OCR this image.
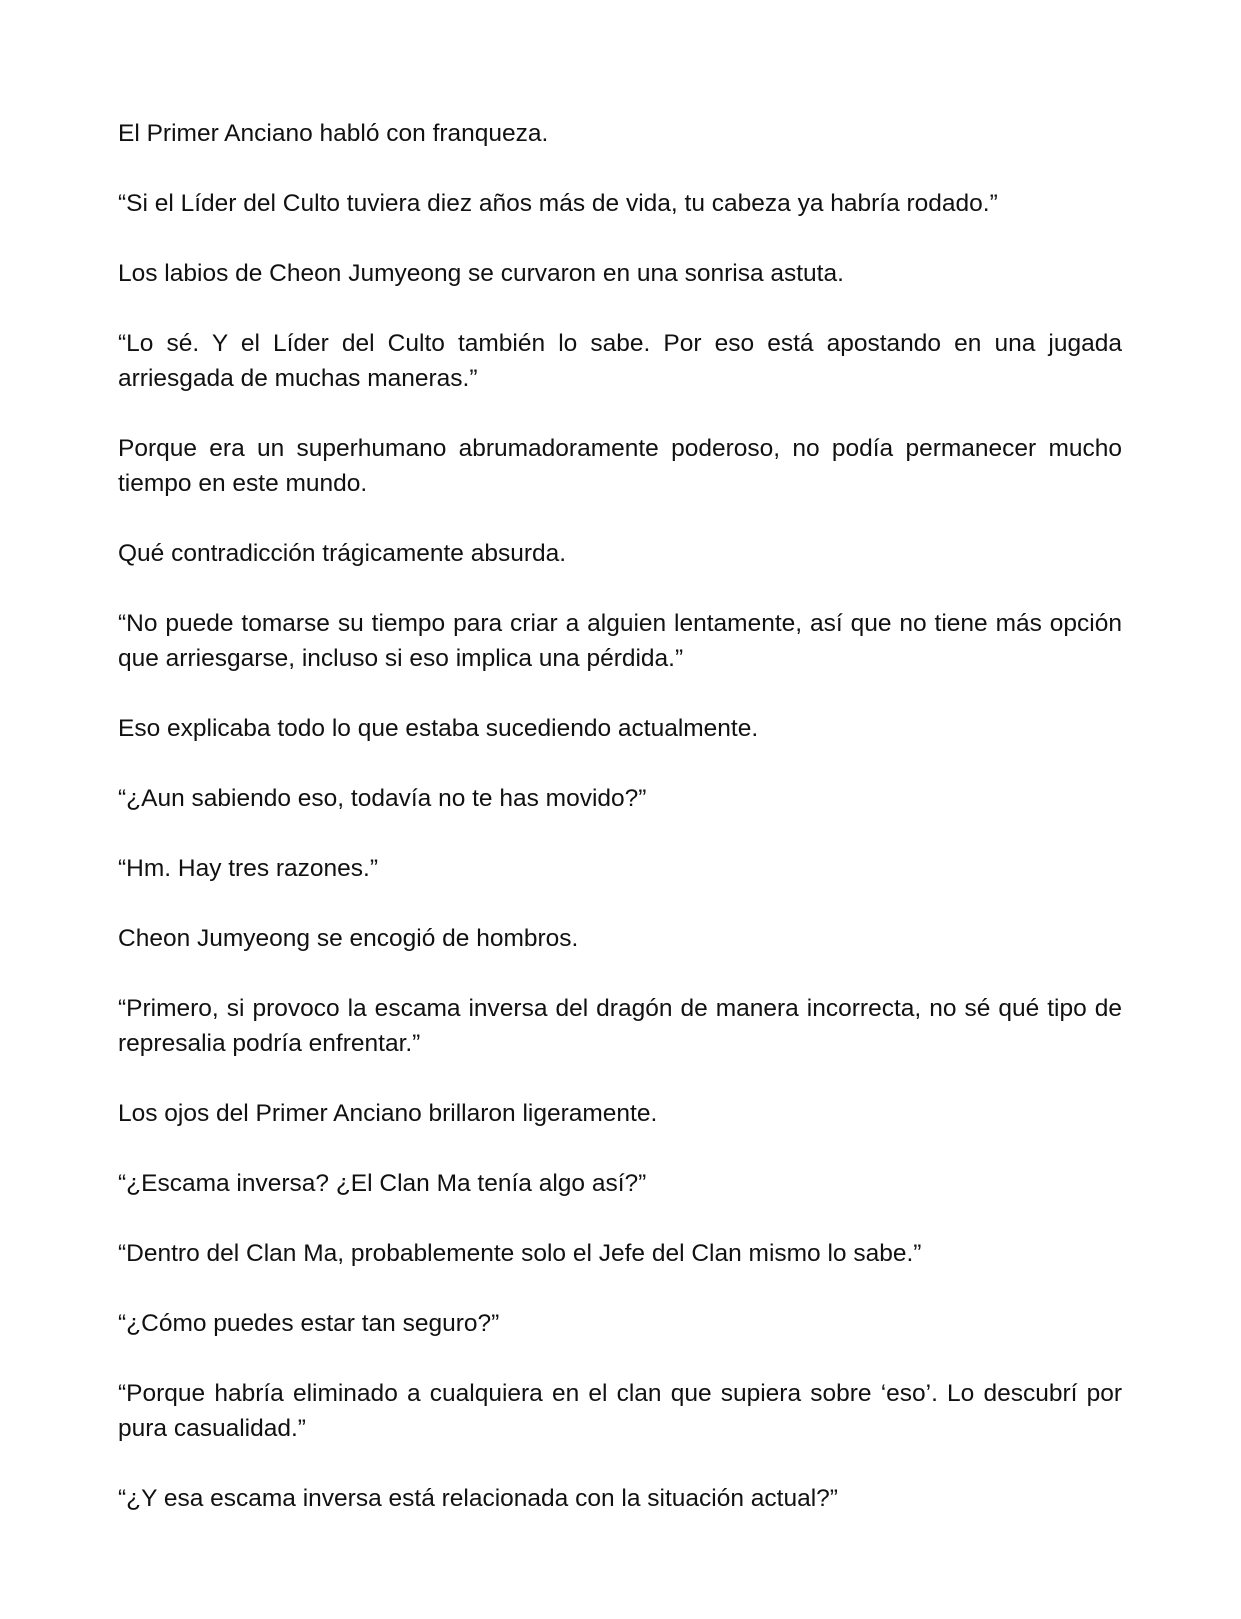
El Primer Anciano habló con franqueza.

“Si el Líder del Culto tuviera diez años más de vida, tu cabeza ya habría rodado.”

Los labios de Cheon Jumyeong se curvaron en una sonrisa astuta.

“Lo sé. Y el Líder del Culto también lo sabe. Por eso está apostando en una jugada arriesgada de muchas maneras.”

Porque era un superhumano abrumadoramente poderoso, no podía permanecer mucho tiempo en este mundo.

Qué contradicción trágicamente absurda.

“No puede tomarse su tiempo para criar a alguien lentamente, así que no tiene más opción que arriesgarse, incluso si eso implica una pérdida.”

Eso explicaba todo lo que estaba sucediendo actualmente.

“¿Aun sabiendo eso, todavía no te has movido?”

“Hm. Hay tres razones.”

Cheon Jumyeong se encogió de hombros.

“Primero, si provoco la escama inversa del dragón de manera incorrecta, no sé qué tipo de represalia podría enfrentar.”

Los ojos del Primer Anciano brillaron ligeramente.

“¿Escama inversa? ¿El Clan Ma tenía algo así?”

“Dentro del Clan Ma, probablemente solo el Jefe del Clan mismo lo sabe.”

“¿Cómo puedes estar tan seguro?”

“Porque habría eliminado a cualquiera en el clan que supiera sobre ‘eso’. Lo descubrí por pura casualidad.”

“¿Y esa escama inversa está relacionada con la situación actual?”
